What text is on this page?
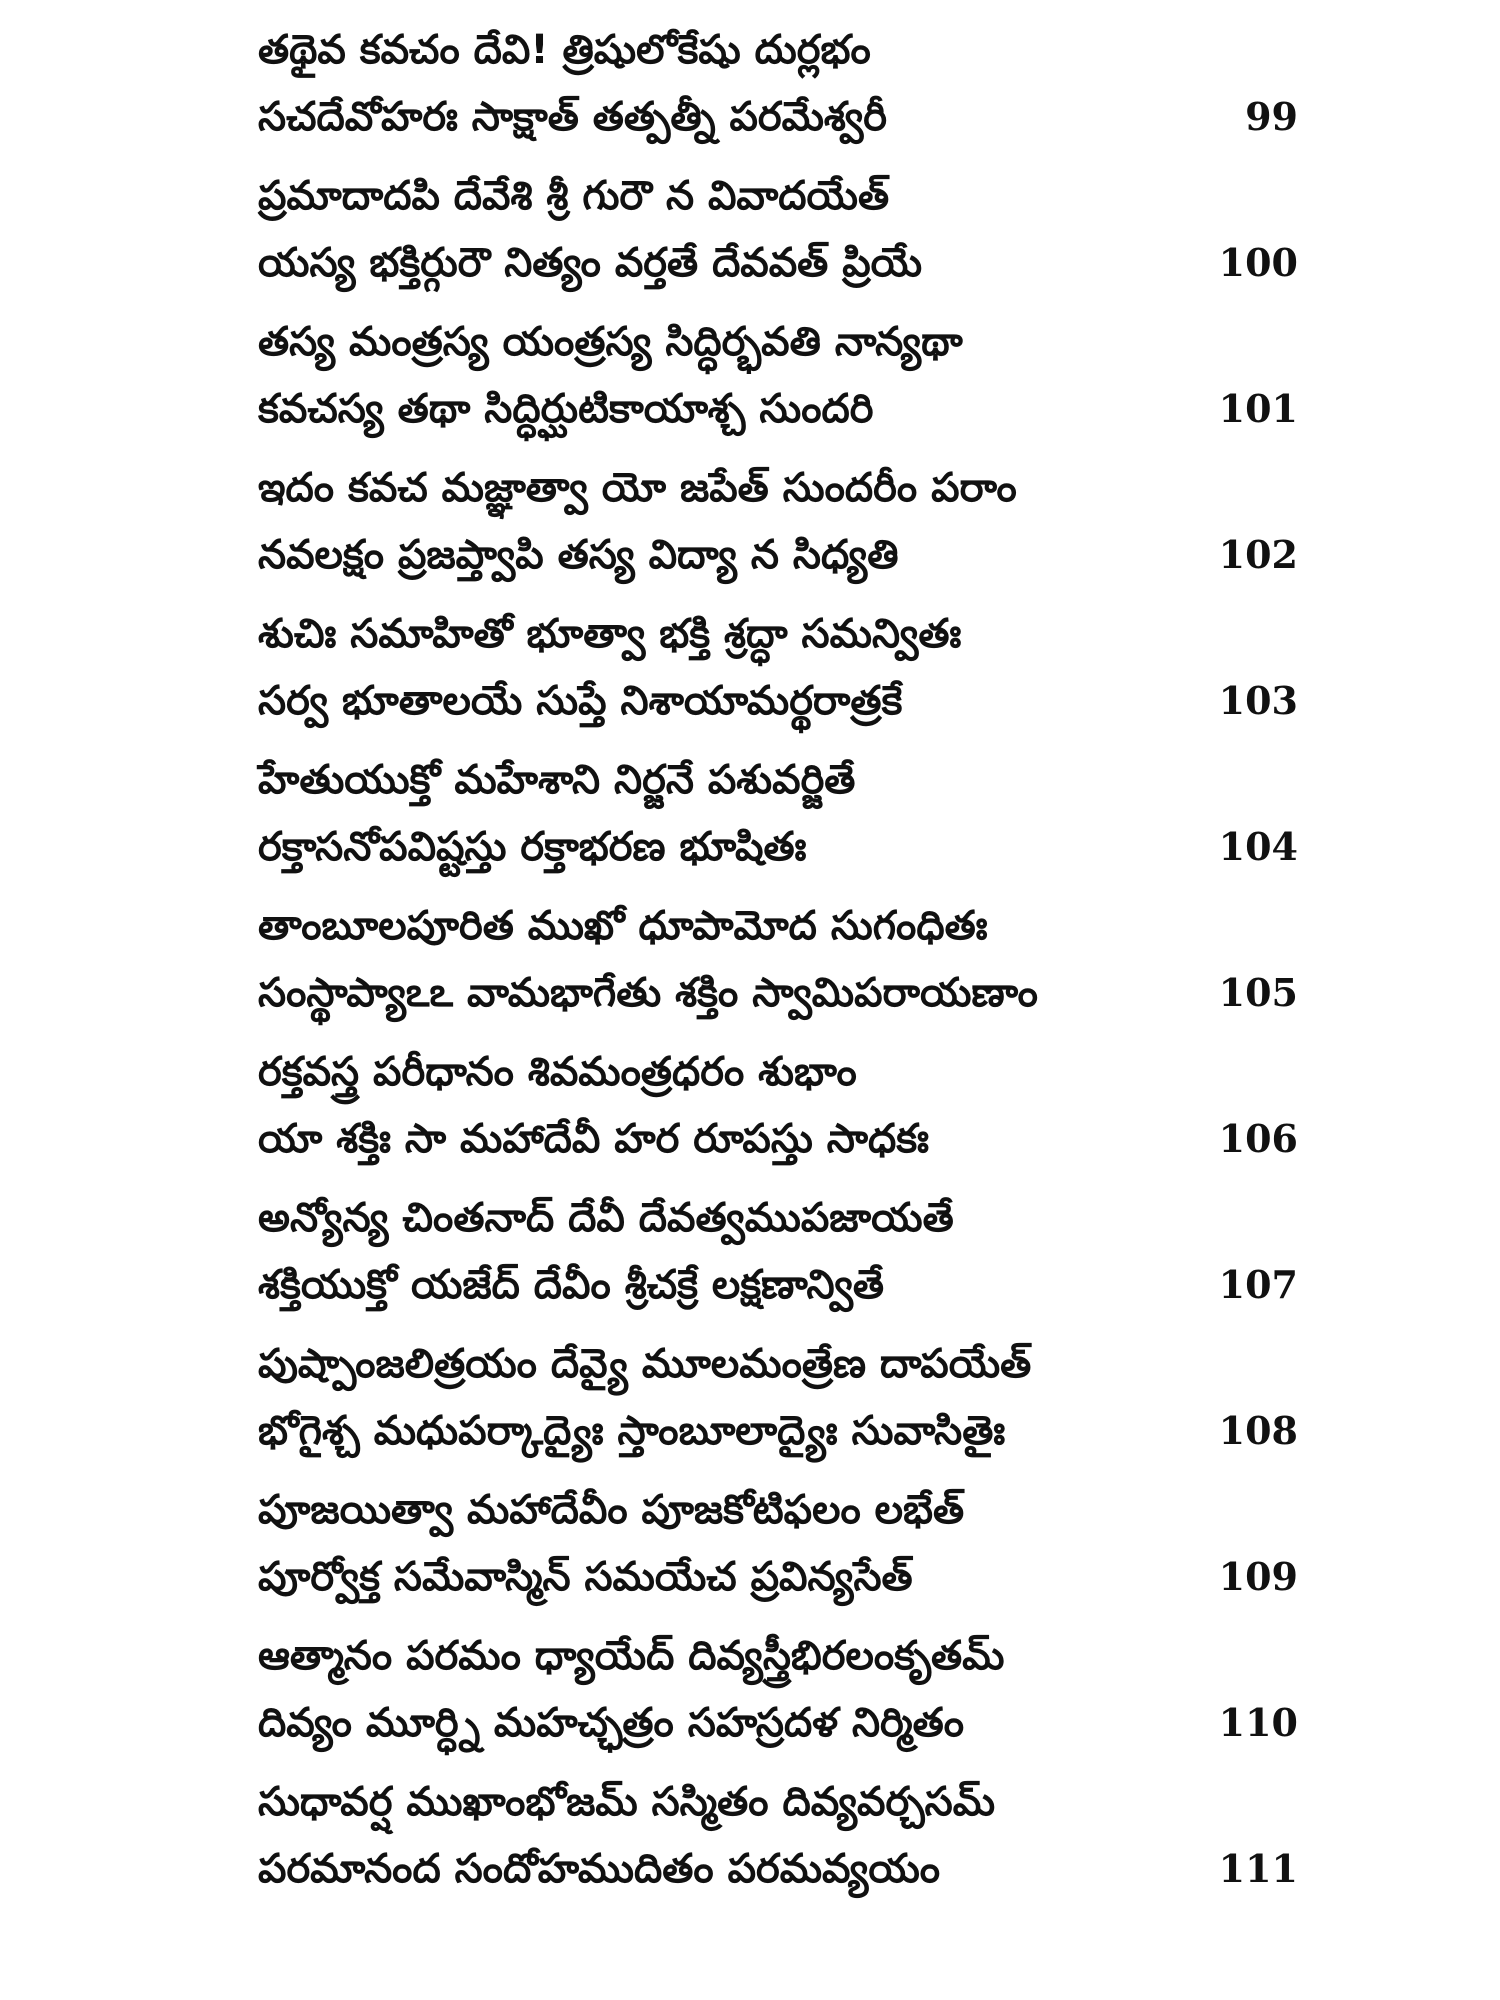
తథైవ కవచం దేవి! త్రిషులోకేషు దుర్లభం
సచదేవోహరః సాక్షాత్ తత్పత్నీ పరమేశ్వరీ	99
ప్రమాదాదపి దేవేశి శ్రీ గురౌ న వివాదయేత్
యస్య భక్తిర్గురౌ నిత్యం వర్తతే దేవవత్ ప్రియే	100
తస్య మంత్రస్య యంత్రస్య సిద్ధిర్భవతి నాన్యథా
కవచస్య తథా సిద్ధిర్ఘుటికాయాశ్చ సుందరి	101
ఇదం కవచ మజ్ఞాత్వా యో జపేత్ సుందరీం పరాం
నవలక్షం ప్రజప్త్వాపి తస్య విద్యా న సిధ్యతి	102
శుచిః సమాహితో భూత్వా భక్తి శ్రద్ధా సమన్వితః
సర్వ భూతాలయే సుప్తే నిశాయామర్థరాత్రకే	103
హేతుయుక్తో మహేశాని నిర్జనే పశువర్జితే
రక్తాసనోపవిష్టస్తు రక్తాభరణ భూషితః	104
తాంబూలపూరిత ముఖో ధూపామోద సుగంధితః
సంస్థాప్యాఽఽ వామభాగేతు శక్తిం స్వామిపరాయణాం	105
రక్తవస్త్ర పరీధానం శివమంత్రధరం శుభాం
యా శక్తిః సా మహాదేవీ హర రూపస్తు సాధకః	106
అన్యోన్య చింతనాద్ దేవీ దేవత్వముపజాయతే
శక్తియుక్తో యజేద్ దేవీం శ్రీచక్రే లక్షణాన్వితే	107
పుష్పాంజలిత్రయం దేవ్యై మూలమంత్రేణ దాపయేత్
భోగైశ్చ మధుపర్కాద్యైః స్తాంబూలాద్యైః సువాసితైః	108
పూజయిత్వా మహాదేవీం పూజకోటిఫలం లభేత్
పూర్వోక్త సమేవాస్మిన్ సమయేచ ప్రవిన్యసేత్	109
ఆత్మానం పరమం ధ్యాయేద్ దివ్యస్త్రీభిరలంకృతమ్
దివ్యం మూర్ధ్ని మహచ్ఛత్రం సహస్రదళ నిర్మితం	110
సుధావర్ష ముఖాంభోజమ్ సస్మితం దివ్యవర్చసమ్
పరమానంద సందోహముదితం పరమవ్యయం	111
